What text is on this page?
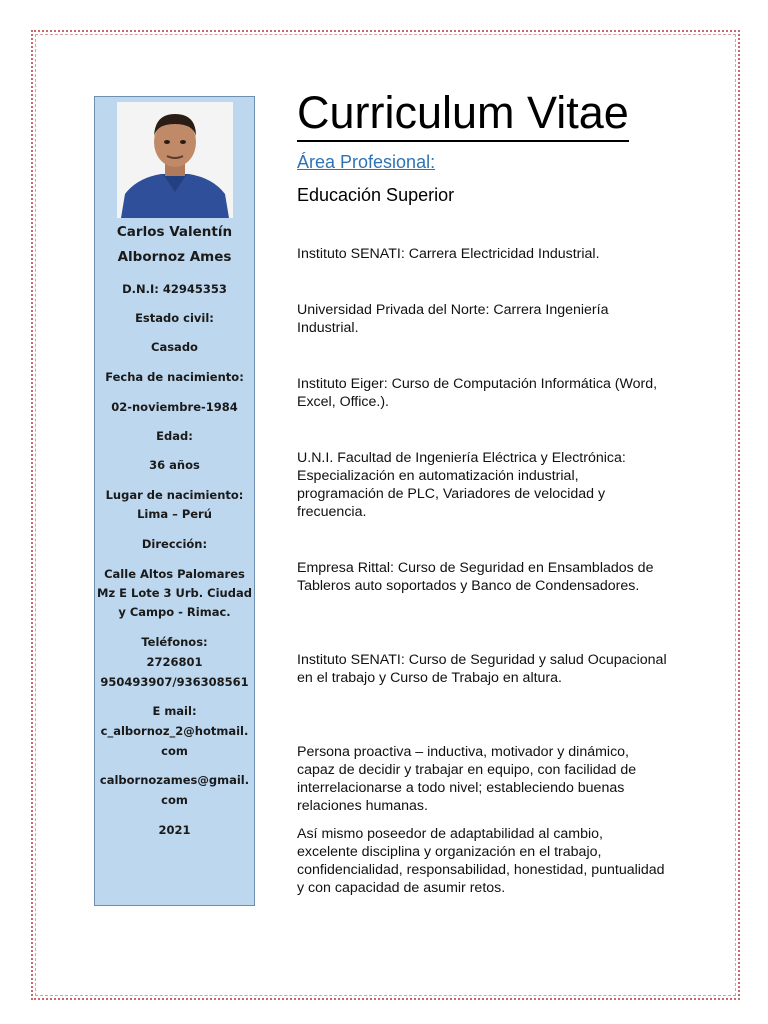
Carlos Valentín
Albornoz Ames
D.N.I: 42945353
Estado civil:
Casado
Fecha de nacimiento:
02-noviembre-1984
Edad:
36 años
Lugar de nacimiento:
Lima – Perú
Dirección:
Calle Altos Palomares
Mz E Lote 3 Urb. Ciudad
y Campo - Rimac.
Teléfonos:
2726801
950493907/936308561
E mail:
c_albornoz_2@hotmail.
com
calbornozames@gmail.
com
2021
Curriculum Vitae
Área Profesional:
Educación Superior
Instituto SENATI: Carrera Electricidad Industrial.
Universidad Privada del Norte: Carrera Ingeniería Industrial.
Instituto Eiger: Curso de Computación Informática (Word, Excel, Office.).
U.N.I. Facultad de Ingeniería Eléctrica y Electrónica: Especialización en automatización industrial, programación de PLC, Variadores de velocidad y frecuencia.
Empresa Rittal: Curso de Seguridad en Ensamblados de Tableros auto soportados y Banco de Condensadores.
Instituto SENATI: Curso de Seguridad y salud Ocupacional en el trabajo y Curso de Trabajo en altura.
Persona proactiva – inductiva, motivador y dinámico, capaz de decidir y trabajar en equipo, con facilidad de interrelacionarse a todo nivel; estableciendo buenas relaciones humanas.
Así mismo poseedor de adaptabilidad al cambio, excelente disciplina y organización en el trabajo, confidencialidad, responsabilidad, honestidad, puntualidad y con capacidad de asumir retos.
